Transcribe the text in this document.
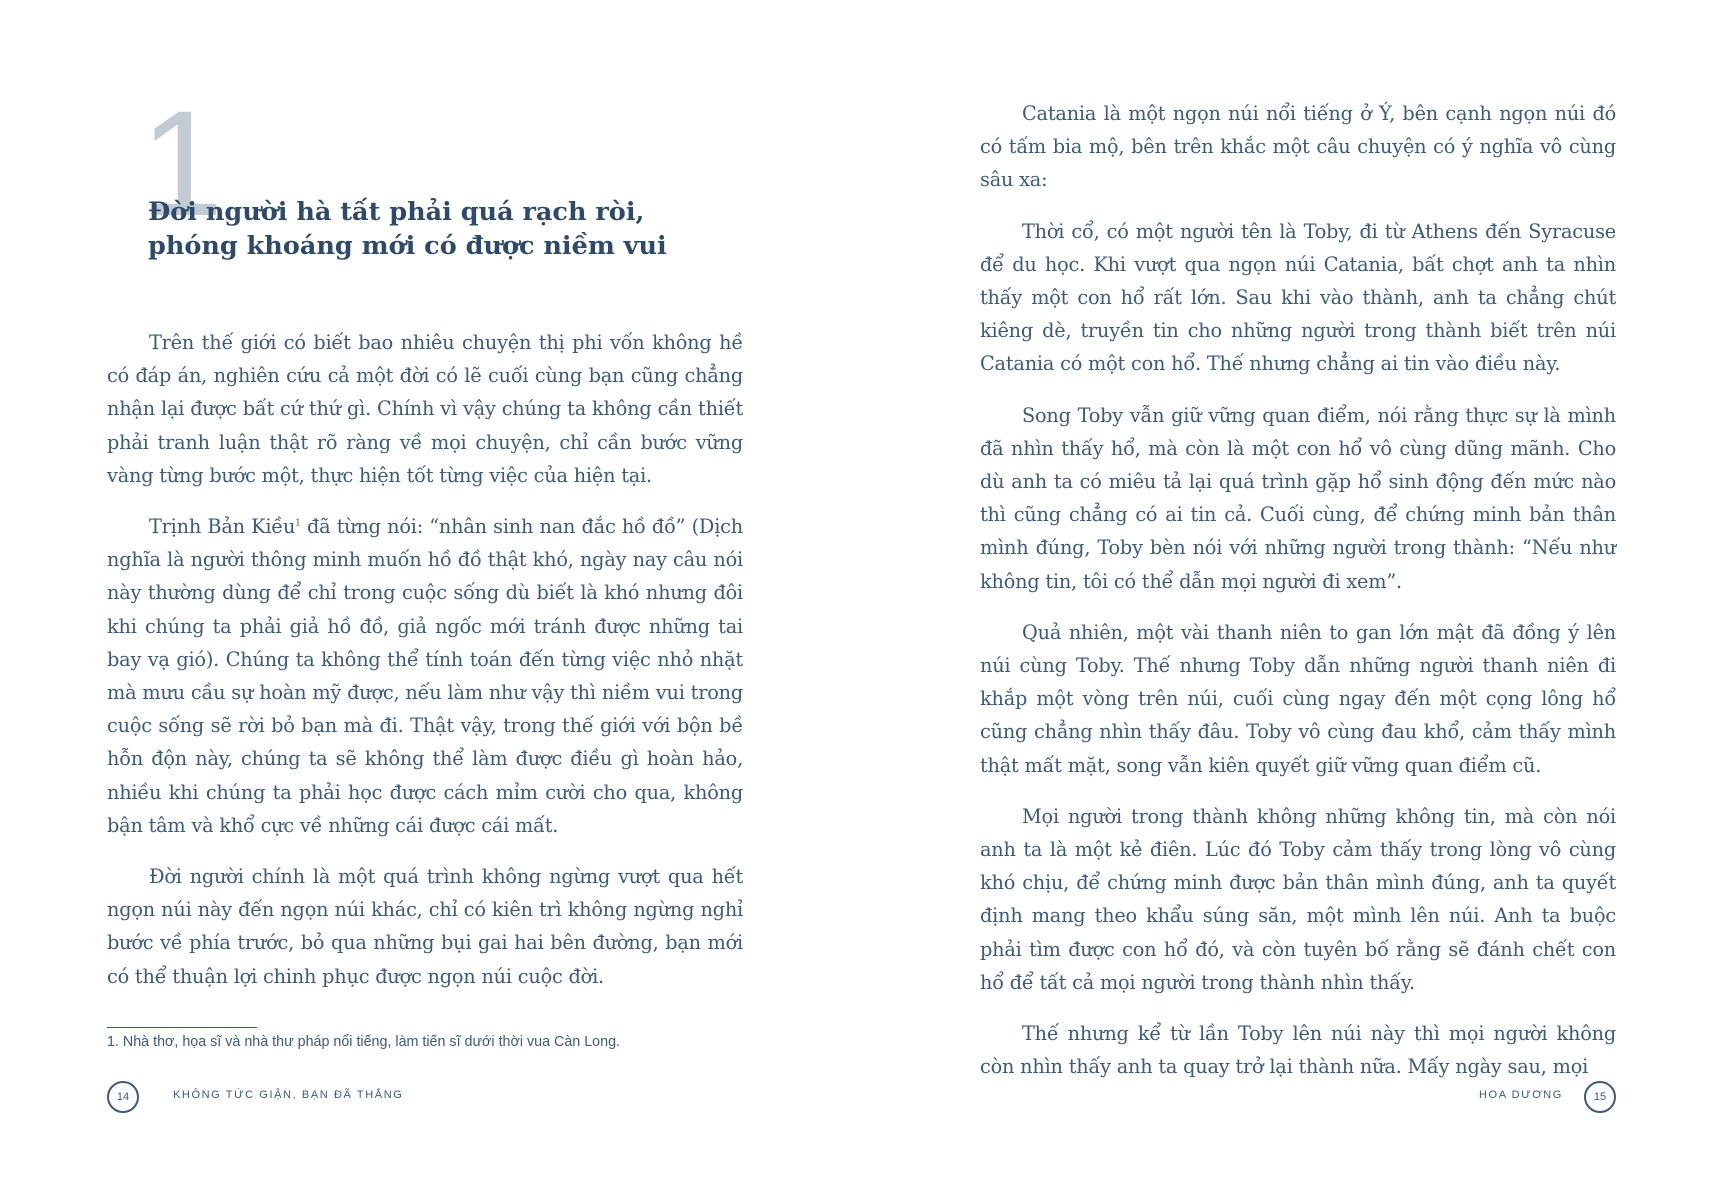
1
Đời người hà tất phải quá rạch ròi,
phóng khoáng mới có được niềm vui

Trên thế giới có biết bao nhiêu chuyện thị phi vốn không hề có đáp án, nghiên cứu cả một đời có lẽ cuối cùng bạn cũng chẳng nhận lại được bất cứ thứ gì. Chính vì vậy chúng ta không cần thiết phải tranh luận thật rõ ràng về mọi chuyện, chỉ cần bước vững vàng từng bước một, thực hiện tốt từng việc của hiện tại.

Trịnh Bản Kiều$^1$ đã từng nói: “nhân sinh nan đắc hồ đồ” (Dịch nghĩa là người thông minh muốn hồ đồ thật khó, ngày nay câu nói này thường dùng để chỉ trong cuộc sống dù biết là khó nhưng đôi khi chúng ta phải giả hồ đồ, giả ngốc mới tránh được những tai bay vạ gió). Chúng ta không thể tính toán đến từng việc nhỏ nhặt mà mưu cầu sự hoàn mỹ được, nếu làm như vậy thì niềm vui trong cuộc sống sẽ rời bỏ bạn mà đi. Thật vậy, trong thế giới với bộn bề hỗn độn này, chúng ta sẽ không thể làm được điều gì hoàn hảo, nhiều khi chúng ta phải học được cách mỉm cười cho qua, không bận tâm và khổ cực về những cái được cái mất.

Đời người chính là một quá trình không ngừng vượt qua hết ngọn núi này đến ngọn núi khác, chỉ có kiên trì không ngừng nghỉ bước về phía trước, bỏ qua những bụi gai hai bên đường, bạn mới có thể thuận lợi chinh phục được ngọn núi cuộc đời.

1. Nhà thơ, họa sĩ và nhà thư pháp nổi tiếng, làm tiến sĩ dưới thời vua Càn Long.
14	KHÔNG TỨC GIẬN, BẠN ĐÃ THẮNG

Catania là một ngọn núi nổi tiếng ở Ý, bên cạnh ngọn núi đó có tấm bia mộ, bên trên khắc một câu chuyện có ý nghĩa vô cùng sâu xa:

Thời cổ, có một người tên là Toby, đi từ Athens đến Syracuse để du học. Khi vượt qua ngọn núi Catania, bất chợt anh ta nhìn thấy một con hổ rất lớn. Sau khi vào thành, anh ta chẳng chút kiêng dè, truyền tin cho những người trong thành biết trên núi Catania có một con hổ. Thế nhưng chẳng ai tin vào điều này.

Song Toby vẫn giữ vững quan điểm, nói rằng thực sự là mình đã nhìn thấy hổ, mà còn là một con hổ vô cùng dũng mãnh. Cho dù anh ta có miêu tả lại quá trình gặp hổ sinh động đến mức nào thì cũng chẳng có ai tin cả. Cuối cùng, để chứng minh bản thân mình đúng, Toby bèn nói với những người trong thành: “Nếu như không tin, tôi có thể dẫn mọi người đi xem”.

Quả nhiên, một vài thanh niên to gan lớn mật đã đồng ý lên núi cùng Toby. Thế nhưng Toby dẫn những người thanh niên đi khắp một vòng trên núi, cuối cùng ngay đến một cọng lông hổ cũng chẳng nhìn thấy đâu. Toby vô cùng đau khổ, cảm thấy mình thật mất mặt, song vẫn kiên quyết giữ vững quan điểm cũ.

Mọi người trong thành không những không tin, mà còn nói anh ta là một kẻ điên. Lúc đó Toby cảm thấy trong lòng vô cùng khó chịu, để chứng minh được bản thân mình đúng, anh ta quyết định mang theo khẩu súng săn, một mình lên núi. Anh ta buộc phải tìm được con hổ đó, và còn tuyên bố rằng sẽ đánh chết con hổ để tất cả mọi người trong thành nhìn thấy.

Thế nhưng kể từ lần Toby lên núi này thì mọi người không còn nhìn thấy anh ta quay trở lại thành nữa. Mấy ngày sau, mọi

HOA DƯƠNG	15
